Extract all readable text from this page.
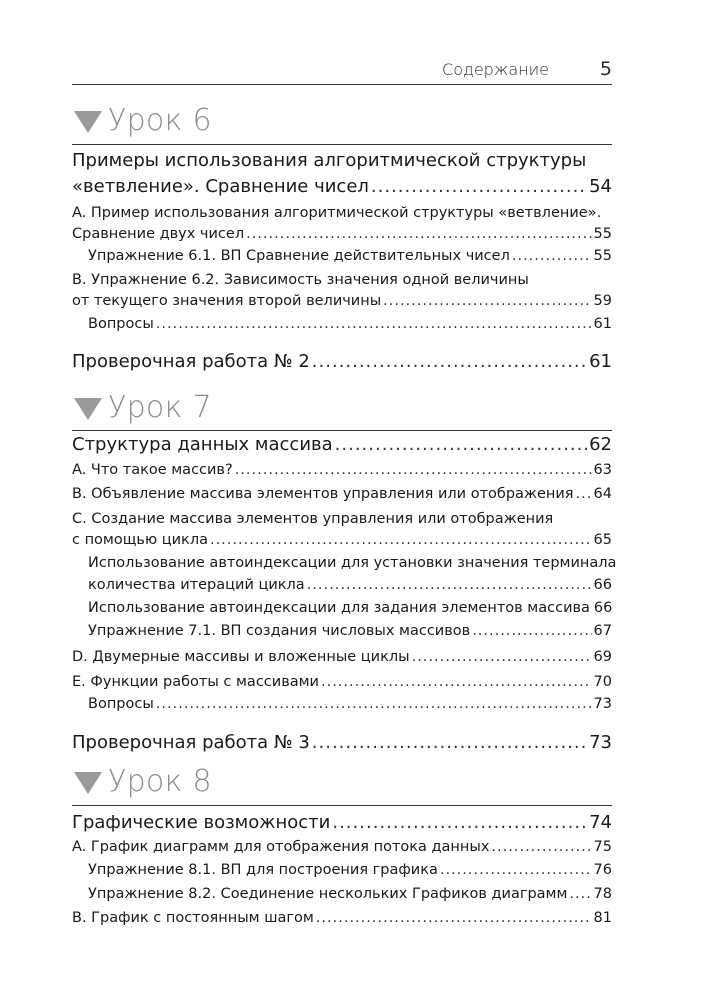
Содержание	5
Урок 6
Примеры использования алгоритмической структуры
«ветвление». Сравнение чисел .....	54
A. Пример использования алгоритмической структуры «ветвление».
Сравнение двух чисел .....	55
Упражнение 6.1. ВП Сравнение действительных чисел .....	55
B. Упражнение 6.2. Зависимость значения одной величины
от текущего значения второй величины .....	59
Вопросы .....	61
Проверочная работа № 2 .....	61
Урок 7
Структура данных массива .....	62
A. Что такое массив? .....	63
B. Объявление массива элементов управления или отображения ..... 64
C. Создание массива элементов управления или отображения
с помощью цикла .....	65
Использование автоиндексации для установки значения терминала
количества итераций цикла .....	66
Использование автоиндексации для задания элементов массива 66
Упражнение 7.1. ВП создания числовых массивов .....	67
D. Двумерные массивы и вложенные циклы .....	69
E. Функции работы с массивами .....	70
Вопросы .....	73
Проверочная работа № 3 .....	73
Урок 8
Графические возможности .....	74
A. График диаграмм для отображения потока данных .....	75
Упражнение 8.1. ВП для построения графика .....	76
Упражнение 8.2. Соединение нескольких Графиков диаграмм ..... 78
B. График с постоянным шагом .....	81
